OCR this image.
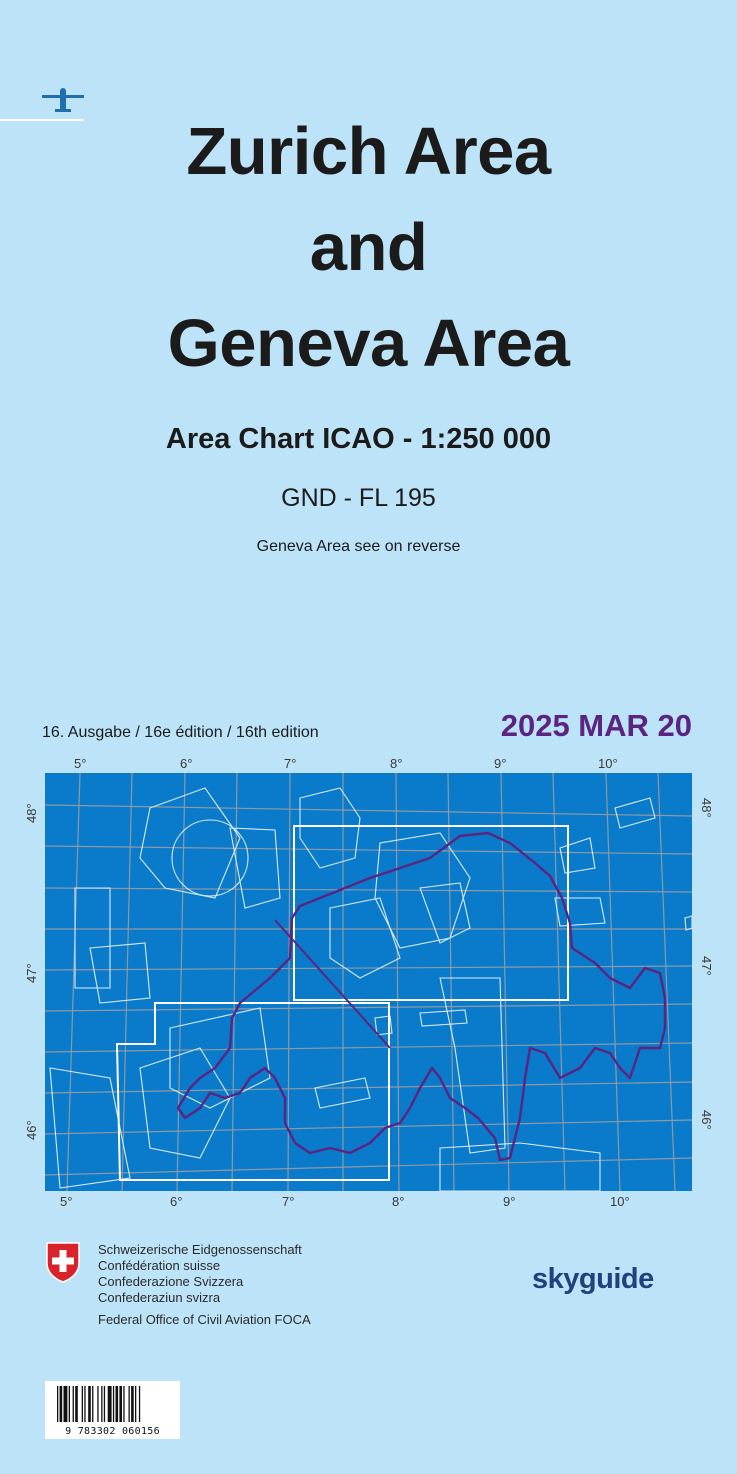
Zurich Area
and
Geneva Area
Area Chart ICAO - 1:250 000
GND - FL 195
Geneva Area see on reverse
16. Ausgabe / 16e édition / 16th edition	2025 MAR 20
5°	6°	7°	8°	9°	10°
5°	6°	7°	8°	9°	10°
48°
47°
46°
48°
47°
46°
Schweizerische Eidgenossenschaft
Confédération suisse
Confederazione Svizzera
Confederaziun svizra
Federal Office of Civil Aviation FOCA
skyguide
9 783302 060156
